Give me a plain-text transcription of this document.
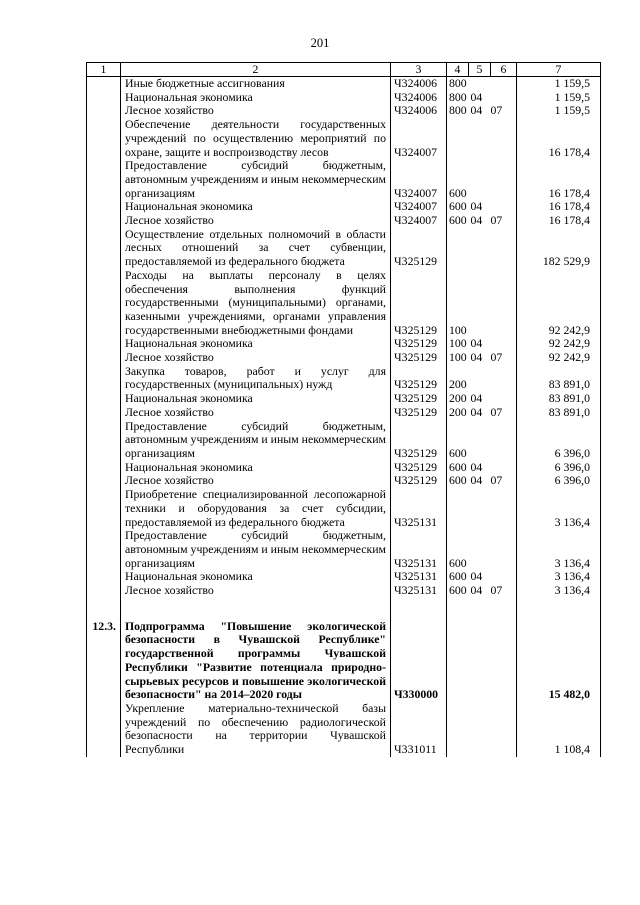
201
1	2	3	4	5	6	7
	Иные бюджетные ассигнования	Ч324006	800			1 159,5
	Национальная экономика	Ч324006	800	04		1 159,5
	Лесное хозяйство	Ч324006	800	04	07	1 159,5
	Обеспечение деятельности государственных учреждений по осуществлению мероприятий по охране, защите и воспроизводству лесов	Ч324007				16 178,4
	Предоставление субсидий бюджетным, автономным учреждениям и иным некоммерческим организациям	Ч324007	600			16 178,4
	Национальная экономика	Ч324007	600	04		16 178,4
	Лесное хозяйство	Ч324007	600	04	07	16 178,4
	Осуществление отдельных полномочий в области лесных отношений за счет субвенции, предоставляемой из федерального бюджета	Ч325129				182 529,9
	Расходы на выплаты персоналу в целях обеспечения выполнения функций государственными (муниципальными) органами, казенными учреждениями, органами управления государственными внебюджетными фондами	Ч325129	100			92 242,9
	Национальная экономика	Ч325129	100	04		92 242,9
	Лесное хозяйство	Ч325129	100	04	07	92 242,9
	Закупка товаров, работ и услуг для государственных (муниципальных) нужд	Ч325129	200			83 891,0
	Национальная экономика	Ч325129	200	04		83 891,0
	Лесное хозяйство	Ч325129	200	04	07	83 891,0
	Предоставление субсидий бюджетным, автономным учреждениям и иным некоммерческим организациям	Ч325129	600			6 396,0
	Национальная экономика	Ч325129	600	04		6 396,0
	Лесное хозяйство	Ч325129	600	04	07	6 396,0
	Приобретение специализированной лесопожарной техники и оборудования за счет субсидии, предоставляемой из федерального бюджета	Ч325131				3 136,4
	Предоставление субсидий бюджетным, автономным учреждениям и иным некоммерческим организациям	Ч325131	600			3 136,4
	Национальная экономика	Ч325131	600	04		3 136,4
	Лесное хозяйство	Ч325131	600	04	07	3 136,4

12.3.	Подпрограмма "Повышение экологической безопасности в Чувашской Республике" государственной программы Чувашской Республики "Развитие потенциала природно-сырьевых ресурсов и повышение экологической безопасности" на 2014–2020 годы	Ч330000				15 482,0
	Укрепление материально-технической базы учреждений по обеспечению радиологической безопасности на территории Чувашской Республики	Ч331011				1 108,4
